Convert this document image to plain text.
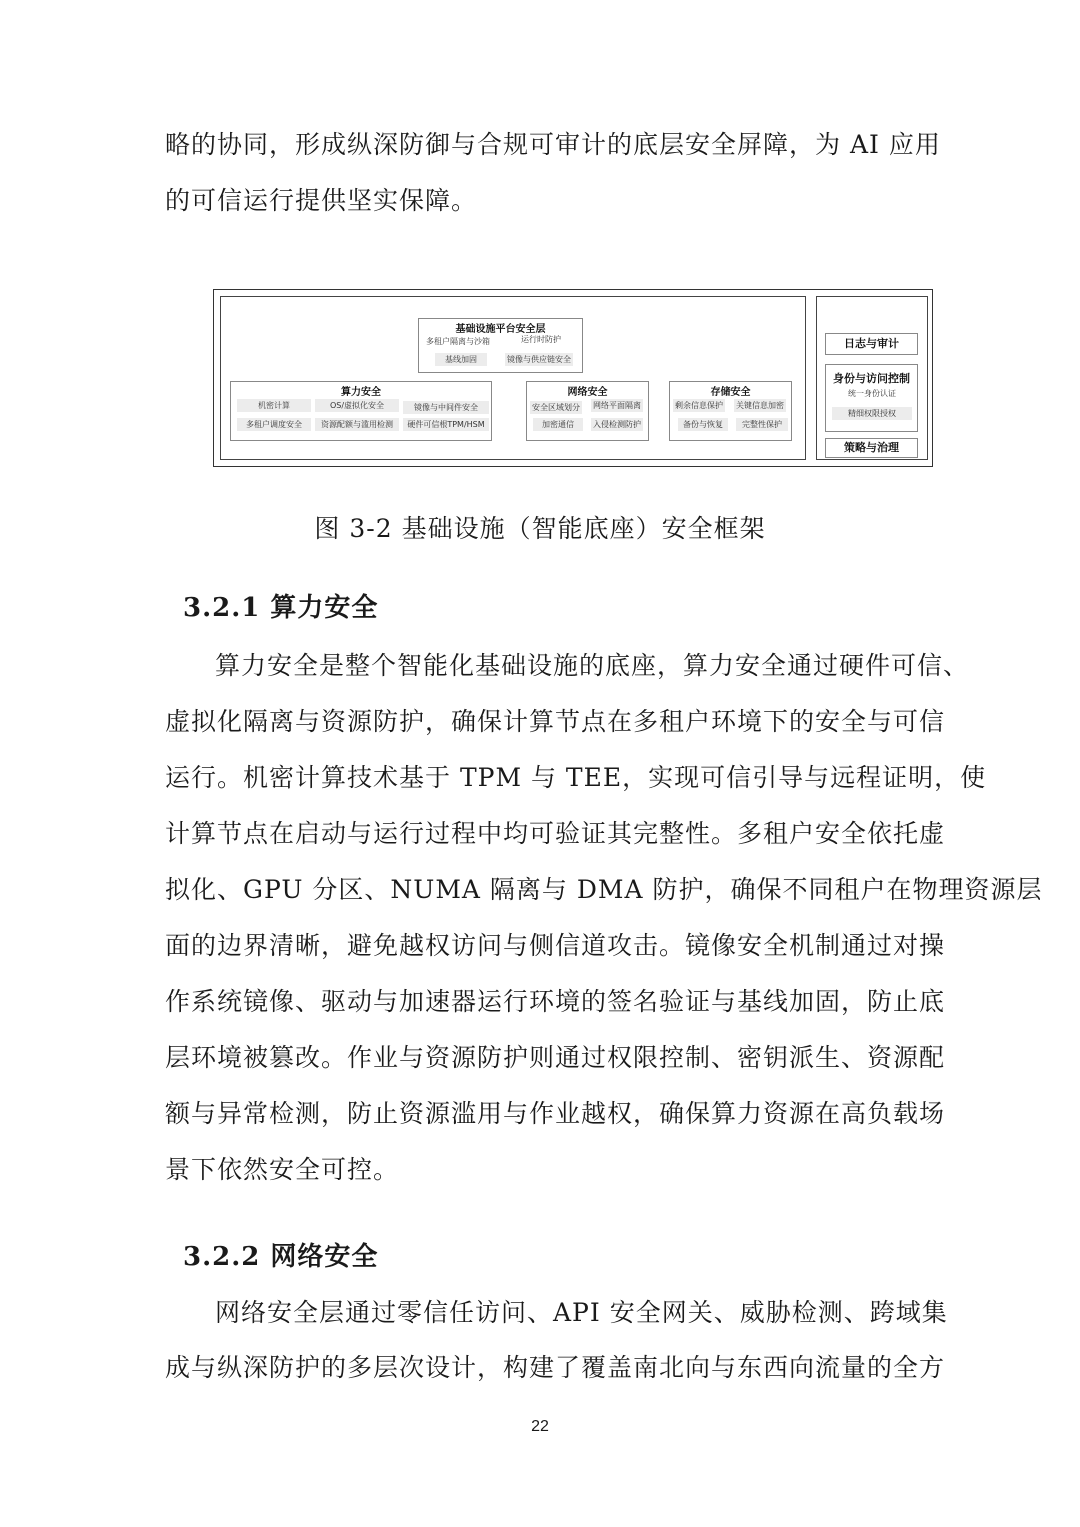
略的协同，形成纵深防御与合规可审计的底层安全屏障，为 AI 应用
的可信运行提供坚实保障。
基础设施平台安全层
多租户隔离与沙箱	运行时防护
基线加固	镜像与供应链安全
算力安全
机密计算	OS/虚拟化安全	镜像与中间件安全
多租户调度安全	资源配额与滥用检测	硬件可信根TPM/HSM
网络安全
安全区域划分 网络平面隔离
加密通信	入侵检测防护
存储安全
剩余信息保护 关键信息加密
备份与恢复	完整性保护
日志与审计
身份与访问控制
统一身份认证
精细权限授权
策略与治理
图 3-2 基础设施（智能底座）安全框架
3.2.1 算力安全
算力安全是整个智能化基础设施的底座，算力安全通过硬件可信、
虚拟化隔离与资源防护，确保计算节点在多租户环境下的安全与可信
运行。机密计算技术基于 TPM 与 TEE，实现可信引导与远程证明，使
计算节点在启动与运行过程中均可验证其完整性。多租户安全依托虚
拟化、GPU 分区、NUMA 隔离与 DMA 防护，确保不同租户在物理资源层
面的边界清晰，避免越权访问与侧信道攻击。镜像安全机制通过对操
作系统镜像、驱动与加速器运行环境的签名验证与基线加固，防止底
层环境被篡改。作业与资源防护则通过权限控制、密钥派生、资源配
额与异常检测，防止资源滥用与作业越权，确保算力资源在高负载场
景下依然安全可控。
3.2.2 网络安全
网络安全层通过零信任访问、API 安全网关、威胁检测、跨域集
成与纵深防护的多层次设计，构建了覆盖南北向与东西向流量的全方
22
